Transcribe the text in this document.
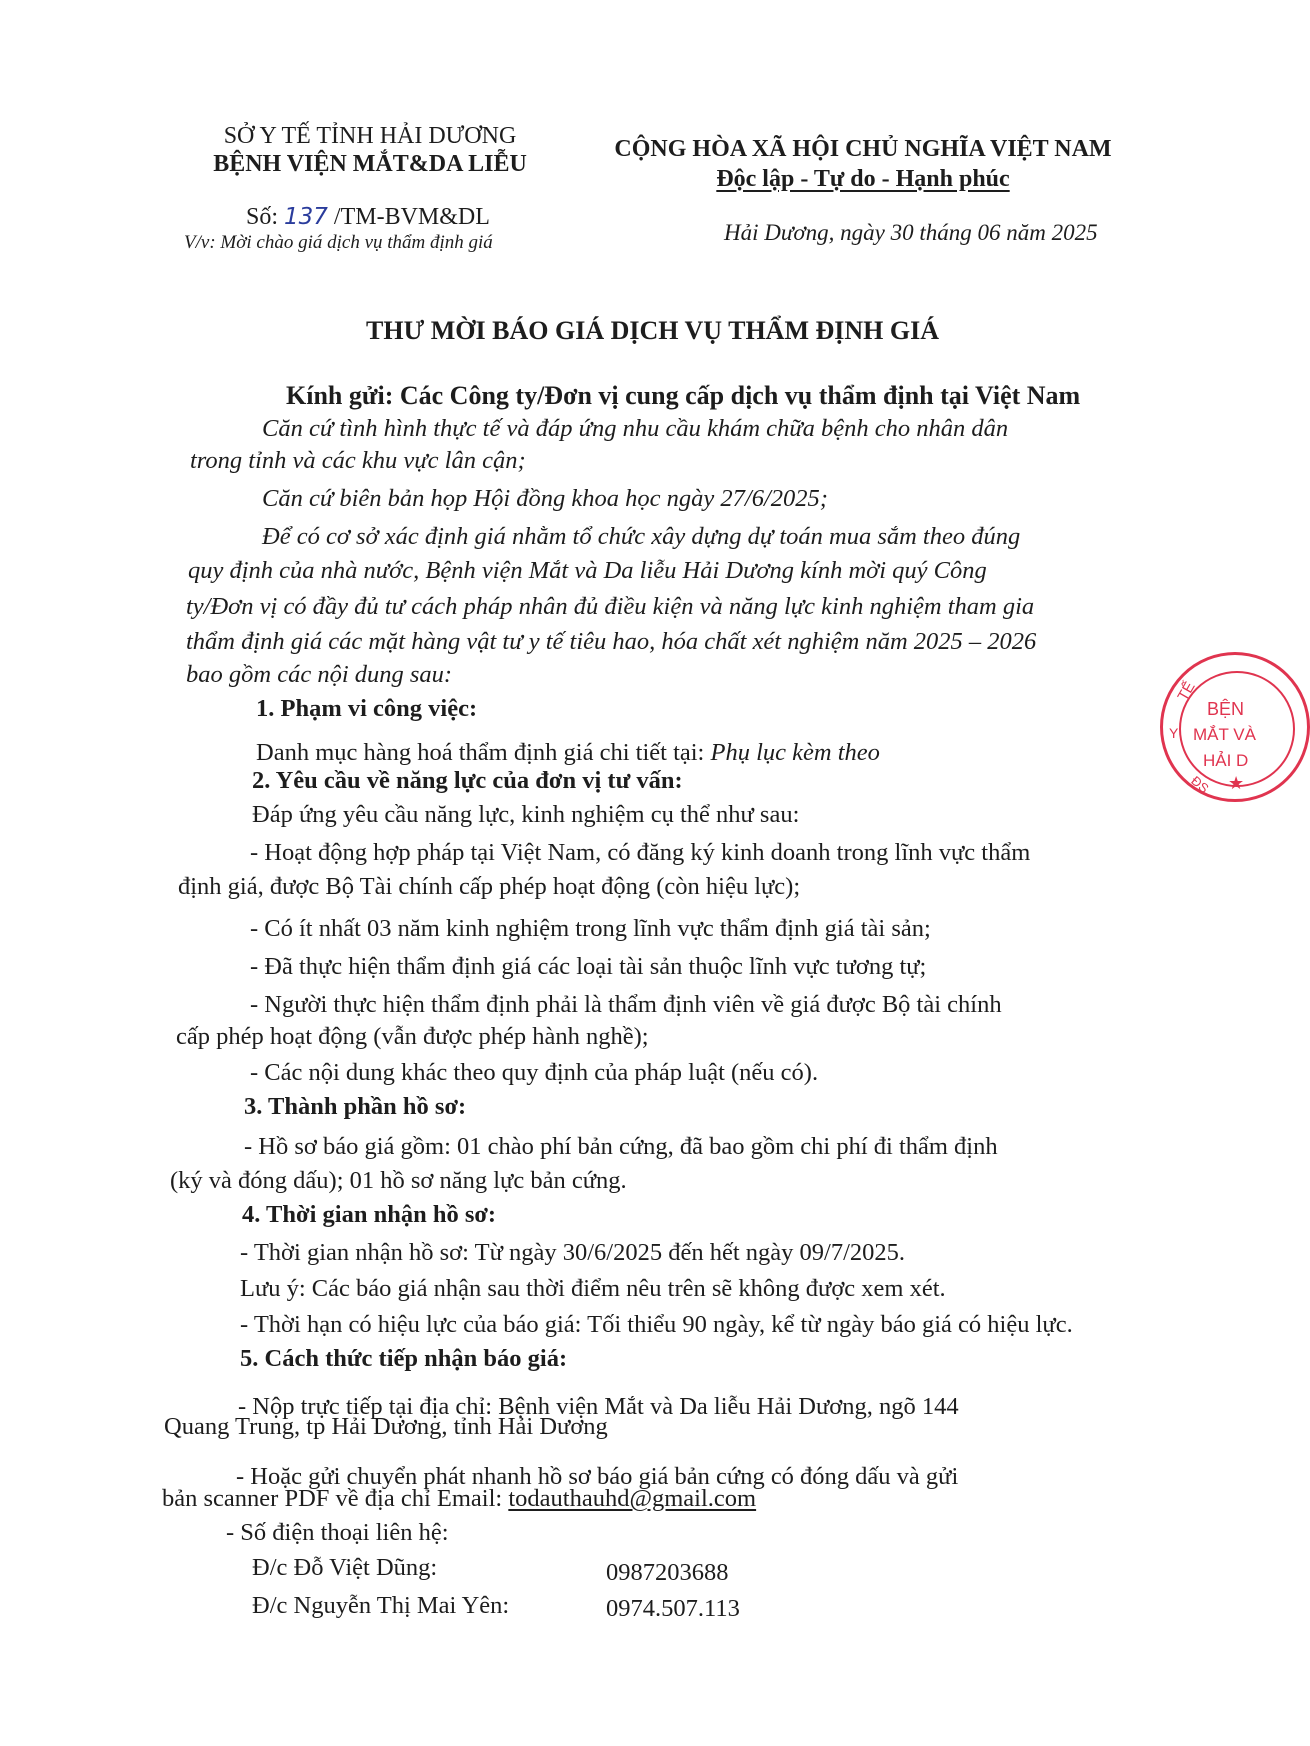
SỞ Y TẾ TỈNH HẢI DƯƠNG
BỆNH VIỆN MẮT&DA LIỄU
Số: 137 /TM-BVM&DL
V/v: Mời chào giá dịch vụ thẩm định giá
CỘNG HÒA XÃ HỘI CHỦ NGHĨA VIỆT NAM
Độc lập - Tự do - Hạnh phúc
Hải Dương, ngày 30 tháng 06 năm 2025
THƯ MỜI BÁO GIÁ DỊCH VỤ THẨM ĐỊNH GIÁ
Kính gửi: Các Công ty/Đơn vị cung cấp dịch vụ thẩm định tại Việt Nam
Căn cứ tình hình thực tế và đáp ứng nhu cầu khám chữa bệnh cho nhân dân
trong tỉnh và các khu vực lân cận;
Căn cứ biên bản họp Hội đồng khoa học ngày 27/6/2025;
Để có cơ sở xác định giá nhằm tổ chức xây dựng dự toán mua sắm theo đúng
quy định của nhà nước, Bệnh viện Mắt và Da liễu Hải Dương kính mời quý Công
ty/Đơn vị có đầy đủ tư cách pháp nhân đủ điều kiện và năng lực kinh nghiệm tham gia
thẩm định giá các mặt hàng vật tư y tế tiêu hao, hóa chất xét nghiệm năm 2025 – 2026
bao gồm các nội dung sau:
1. Phạm vi công việc:
Danh mục hàng hoá thẩm định giá chi tiết tại: Phụ lục kèm theo
2. Yêu cầu về năng lực của đơn vị tư vấn:
Đáp ứng yêu cầu năng lực, kinh nghiệm cụ thể như sau:
- Hoạt động hợp pháp tại Việt Nam, có đăng ký kinh doanh trong lĩnh vực thẩm
định giá, được Bộ Tài chính cấp phép hoạt động (còn hiệu lực);
- Có ít nhất 03 năm kinh nghiệm trong lĩnh vực thẩm định giá tài sản;
- Đã thực hiện thẩm định giá các loại tài sản thuộc lĩnh vực tương tự;
- Người thực hiện thẩm định phải là thẩm định viên về giá được Bộ tài chính
cấp phép hoạt động (vẫn được phép hành nghề);
- Các nội dung khác theo quy định của pháp luật (nếu có).
3. Thành phần hồ sơ:
- Hồ sơ báo giá gồm: 01 chào phí bản cứng, đã bao gồm chi phí đi thẩm định
(ký và đóng dấu); 01 hồ sơ năng lực bản cứng.
4. Thời gian nhận hồ sơ:
- Thời gian nhận hồ sơ: Từ ngày 30/6/2025 đến hết ngày 09/7/2025.
Lưu ý: Các báo giá nhận sau thời điểm nêu trên sẽ không được xem xét.
- Thời hạn có hiệu lực của báo giá: Tối thiểu 90 ngày, kể từ ngày báo giá có hiệu lực.
5. Cách thức tiếp nhận báo giá:
- Nộp trực tiếp tại địa chỉ: Bệnh viện Mắt và Da liễu Hải Dương, ngõ 144
Quang Trung, tp Hải Dương, tỉnh Hải Dương
- Hoặc gửi chuyển phát nhanh hồ sơ báo giá bản cứng có đóng dấu và gửi
bản scanner PDF về địa chỉ Email: todauthauhd@gmail.com
- Số điện thoại liên hệ:
Đ/c Đỗ Việt Dũng:	0987203688
Đ/c Nguyễn Thị Mai Yên:	0974.507.113
BỆN
MẮT VÀ
HẢI D
TẾ
Y
ĐS ★
